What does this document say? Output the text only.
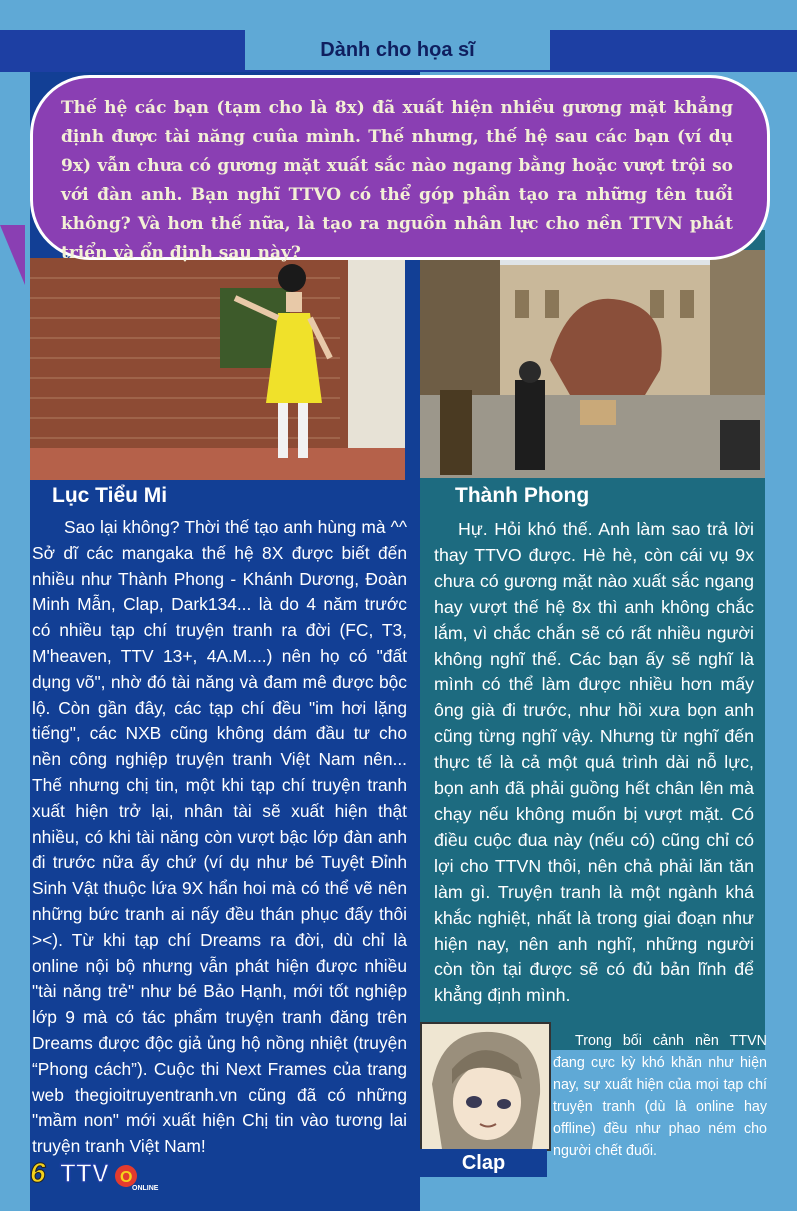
Dành cho họa sĩ
Thế hệ các bạn (tạm cho là 8x) đã xuất hiện nhiều gương mặt khẳng định được tài năng cuûa mình. Thế nhưng, thế hệ sau các bạn (ví dụ 9x) vẫn chưa có gương mặt xuất sắc nào ngang bằng hoặc vượt trội so với đàn anh. Bạn nghĩ TTVO có thể góp phần tạo ra những tên tuổi không? Và hơn thế nữa, là tạo ra nguồn nhân lực cho nền TTVN phát triển và ổn định sau này?
Lục Tiểu Mi	Thành Phong
Sao lại không? Thời thế tạo anh hùng mà ^^ Sở dĩ các mangaka thế hệ 8X được biết đến nhiều như Thành Phong - Khánh Dương, Đoàn Minh Mẫn, Clap, Dark134... là do 4 năm trước có nhiều tạp chí truyện tranh ra đời (FC, T3, M'heaven, TTV 13+, 4A.M....) nên họ có "đất dụng võ", nhờ đó tài năng và đam mê được bộc lộ. Còn gần đây, các tạp chí đều "im hơi lặng tiếng", các NXB cũng không dám đầu tư cho nền công nghiệp truyện tranh Việt Nam nên... Thế nhưng chị tin, một khi tạp chí truyện tranh xuất hiện trở lại, nhân tài sẽ xuất hiện thật nhiều, có khi tài năng còn vượt bậc lớp đàn anh đi trước nữa ấy chứ (ví dụ như bé Tuyệt Đỉnh Sinh Vật thuộc lứa 9X hẩn hoi mà có thể vẽ nên những bức tranh ai nấy đều thán phục đấy thôi ><). Từ khi tạp chí Dreams ra đời, dù chỉ là online nội bộ nhưng vẫn phát hiện được nhiều "tài năng trẻ" như bé Bảo Hạnh, mới tốt nghiệp lớp 9 mà có tác phẩm truyện tranh đăng trên Dreams được độc giả ủng hộ nồng nhiệt (truyện “Phong cách”). Cuộc thi Next Frames của trang web thegioitruyentranh.vn cũng đã có những "mầm non" mới xuất hiện Chị tin vào tương lai truyện tranh Việt Nam!
Hự. Hỏi khó thế. Anh làm sao trả lời thay TTVO được. Hè hè, còn cái vụ 9x chưa có gương mặt nào xuất sắc ngang hay vượt thế hệ 8x thì anh không chắc lắm, vì chắc chắn sẽ có rất nhiều người không nghĩ thế. Các bạn ấy sẽ nghĩ là mình có thể làm được nhiều hơn mấy ông già đi trước, như hồi xưa bọn anh cũng từng nghĩ vậy. Nhưng từ nghĩ đến thực tế là cả một quá trình dài nỗ lực, bọn anh đã phải guồng hết chân lên mà chạy nếu không muốn bị vượt mặt. Có điều cuộc đua này (nếu có) cũng chỉ có lợi cho TTVN thôi, nên chả phải lăn tăn làm gì. Truyện tranh là một ngành khá khắc nghiệt, nhất là trong giai đoạn như hiện nay, nên anh nghĩ, những người còn tồn tại được sẽ có đủ bản lĩnh để khẳng định mình.
Clap
Trong bối cảnh nền TTVN đang cực kỳ khó khăn như hiện nay, sự xuất hiện của mọi tạp chí truyện tranh (dù là online hay offline) đều như phao ném cho người chết đuối.
6 TTV O
ONLINE
